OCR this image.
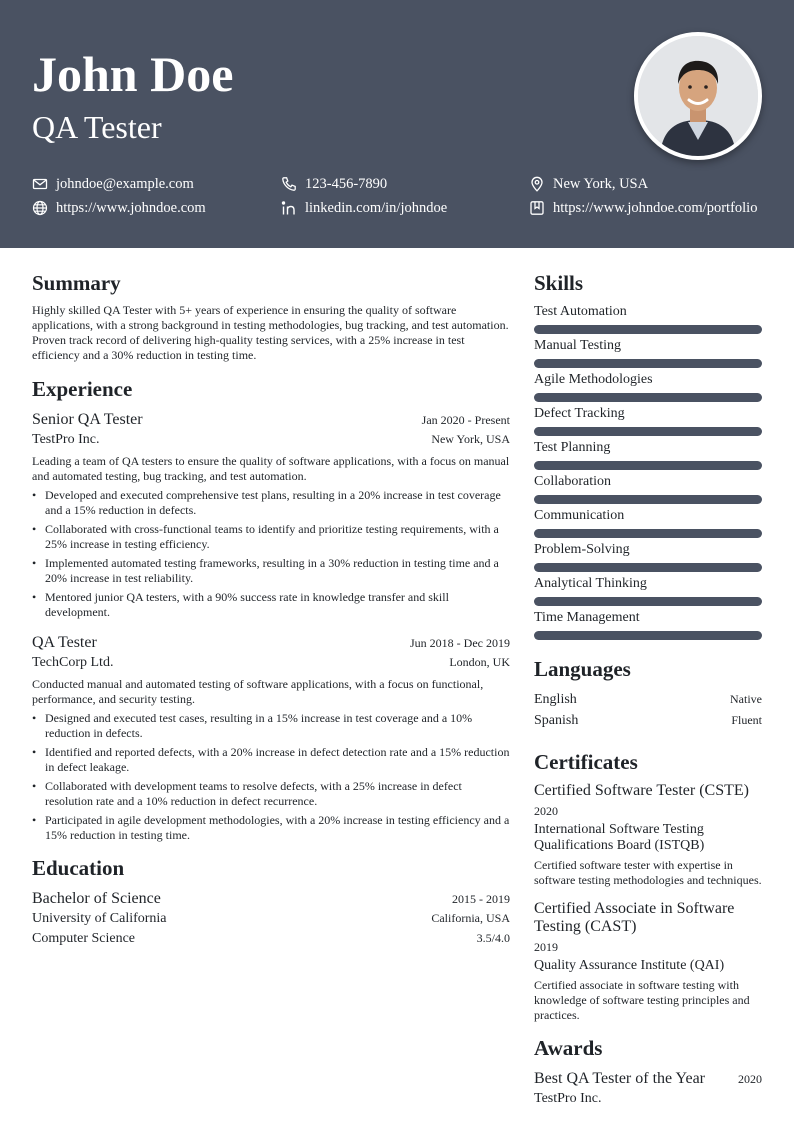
John Doe
QA Tester
johndoe@example.com	123-456-7890	New York, USA
https://www.johndoe.com	linkedin.com/in/johndoe	https://www.johndoe.com/portfolio
Summary
Highly skilled QA Tester with 5+ years of experience in ensuring the quality of software applications, with a strong background in testing methodologies, bug tracking, and test automation. Proven track record of delivering high-quality testing services, with a 25% increase in test efficiency and a 30% reduction in testing time.
Experience
Senior QA Tester	Jan 2020 - Present
TestPro Inc.	New York, USA
Leading a team of QA testers to ensure the quality of software applications, with a focus on manual and automated testing, bug tracking, and test automation.
• Developed and executed comprehensive test plans, resulting in a 20% increase in test coverage and a 15% reduction in defects.
• Collaborated with cross-functional teams to identify and prioritize testing requirements, with a 25% increase in testing efficiency.
• Implemented automated testing frameworks, resulting in a 30% reduction in testing time and a 20% increase in test reliability.
• Mentored junior QA testers, with a 90% success rate in knowledge transfer and skill development.
QA Tester	Jun 2018 - Dec 2019
TechCorp Ltd.	London, UK
Conducted manual and automated testing of software applications, with a focus on functional, performance, and security testing.
• Designed and executed test cases, resulting in a 15% increase in test coverage and a 10% reduction in defects.
• Identified and reported defects, with a 20% increase in defect detection rate and a 15% reduction in defect leakage.
• Collaborated with development teams to resolve defects, with a 25% increase in defect resolution rate and a 10% reduction in defect recurrence.
• Participated in agile development methodologies, with a 20% increase in testing efficiency and a 15% reduction in testing time.
Education
Bachelor of Science	2015 - 2019
University of California	California, USA
Computer Science	3.5/4.0
Skills
Test Automation
Manual Testing
Agile Methodologies
Defect Tracking
Test Planning
Collaboration
Communication
Problem-Solving
Analytical Thinking
Time Management
Languages
English	Native
Spanish	Fluent
Certificates
Certified Software Tester (CSTE)
2020
International Software Testing Qualifications Board (ISTQB)
Certified software tester with expertise in software testing methodologies and techniques.
Certified Associate in Software Testing (CAST)
2019
Quality Assurance Institute (QAI)
Certified associate in software testing with knowledge of software testing principles and practices.
Awards
Best QA Tester of the Year	2020
TestPro Inc.
